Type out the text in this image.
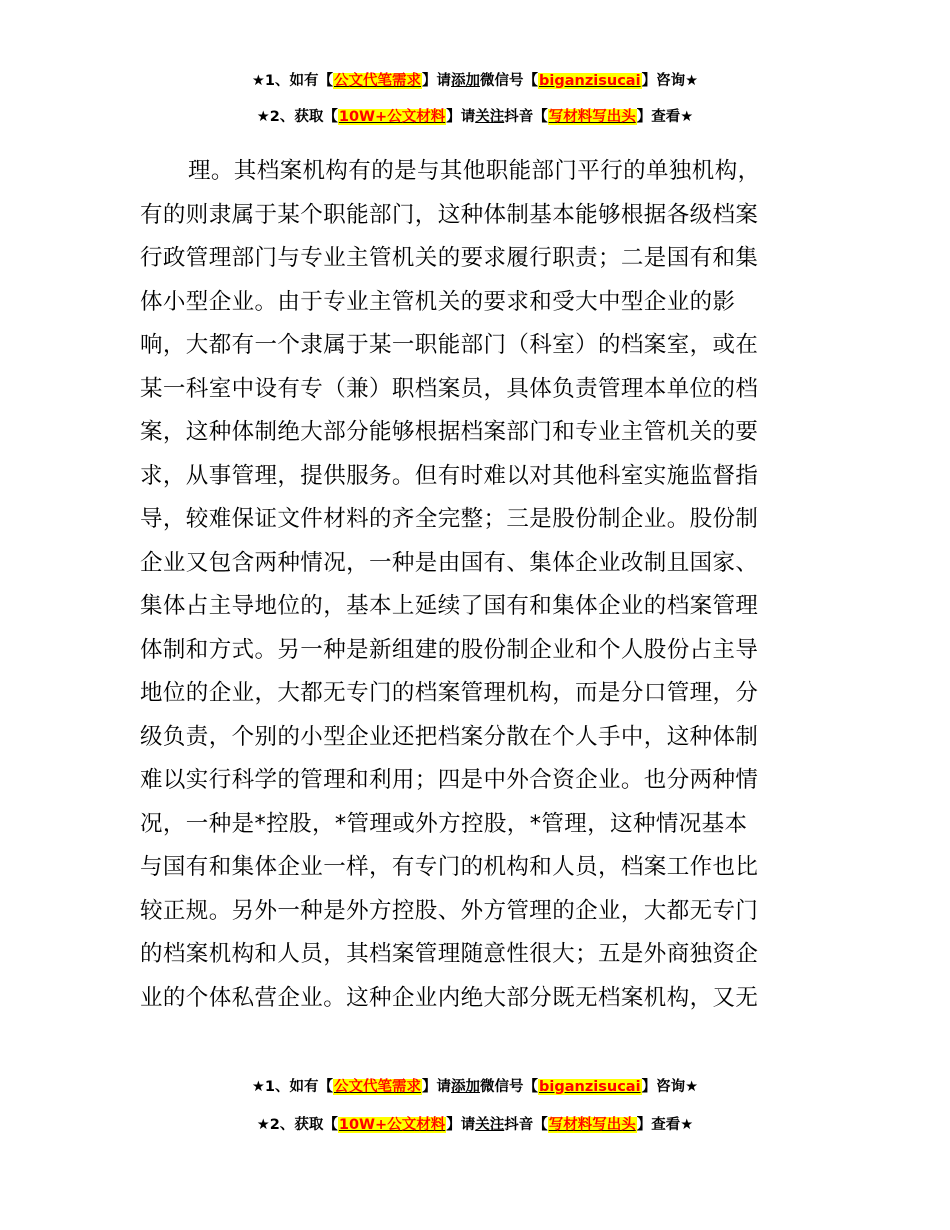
★1、如有【公文代笔需求】请添加微信号【biganzisucai】咨询★
★2、获取【10W+公文材料】请关注抖音【写材料写出头】查看★
理。其档案机构有的是与其他职能部门平行的单独机构，
有的则隶属于某个职能部门，这种体制基本能够根据各级档案
行政管理部门与专业主管机关的要求履行职责；二是国有和集
体小型企业。由于专业主管机关的要求和受大中型企业的影
响，大都有一个隶属于某一职能部门（科室）的档案室，或在
某一科室中设有专（兼）职档案员，具体负责管理本单位的档
案，这种体制绝大部分能够根据档案部门和专业主管机关的要
求，从事管理，提供服务。但有时难以对其他科室实施监督指
导，较难保证文件材料的齐全完整；三是股份制企业。股份制
企业又包含两种情况，一种是由国有、集体企业改制且国家、
集体占主导地位的，基本上延续了国有和集体企业的档案管理
体制和方式。另一种是新组建的股份制企业和个人股份占主导
地位的企业，大都无专门的档案管理机构，而是分口管理，分
级负责，个别的小型企业还把档案分散在个人手中，这种体制
难以实行科学的管理和利用；四是中外合资企业。也分两种情
况，一种是*控股，*管理或外方控股，*管理，这种情况基本
与国有和集体企业一样，有专门的机构和人员，档案工作也比
较正规。另外一种是外方控股、外方管理的企业，大都无专门
的档案机构和人员，其档案管理随意性很大；五是外商独资企
业的个体私营企业。这种企业内绝大部分既无档案机构，又无
★1、如有【公文代笔需求】请添加微信号【biganzisucai】咨询★
★2、获取【10W+公文材料】请关注抖音【写材料写出头】查看★
